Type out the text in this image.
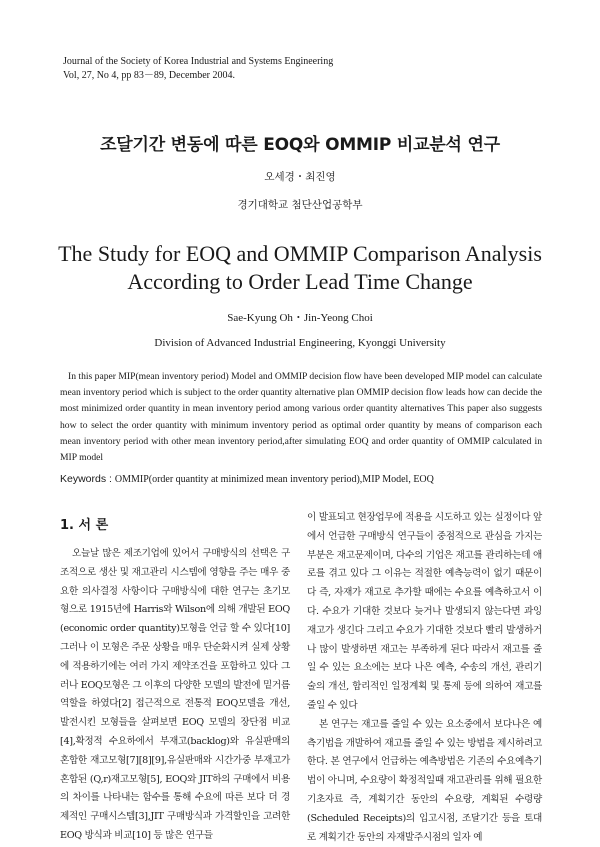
Journal of the Society of Korea Industrial and Systems Engineering
Vol, 27, No 4, pp 83－89, December 2004.
조달기간 변동에 따른 EOQ와 OMMIP 비교분석 연구
오세경・최진영
경기대학교 첨단산업공학부
The Study for EOQ and OMMIP Comparison Analysis
According to Order Lead Time Change
Sae-Kyung Oh・Jin-Yeong Choi
Division of Advanced Industrial Engineering, Kyonggi University

In this paper MIP(mean inventory period) Model and OMMIP decision flow have been developed MIP model can calculate mean inventory period which is subject to the order quantity alternative plan OMMIP decision flow leads how can decide the most minimized order quantity in mean inventory period among various order quantity alternatives This paper also suggests how to select the order quantity with minimum inventory period as optimal order quantity by means of comparison each mean inventory period with other mean inventory period,after simulating EOQ and order quantity of OMMIP calculated in MIP model

Keywords : OMMIP(order quantity at minimized mean inventory period),MIP Model, EOQ
1. 서 론

오늘날 많은 제조기업에 있어서 구매방식의 선택은 구조적으로 생산 및 재고관리 시스템에 영향을 주는 매우 중요한 의사결정 사항이다 구매방식에 대한 연구는 초기모형으로 1915년에 Harris와 Wilson에 의해 개발된 EOQ (economic order quantity)모형을 언급 할 수 있다[10] 그러나 이 모형은 주문 상황을 매우 단순화시켜 실제 상황에 적용하기에는 여러 가지 제약조건을 포함하고 있다 그러나 EOQ모형은 그 이후의 다양한 모델의 발전에 밑거름 역할을 하였다[2] 접근적으로 전통적 EOQ모델을 개선, 발전시킨 모형들을 살펴보면 EOQ 모델의 장단점 비교[4],확정적 수요하에서 부재고(backlog)와 유실판매의 혼합한 재고모형[7][8][9],유실판매와 시간가중 부재고가 혼합된 (Q,r)재고모형[5], EOQ와 JIT하의 구매에서 비용의 차이를 나타내는 함수를 통해 수요에 따른 보다 더 경제적인 구매시스템[3],JIT 구매방식과 가격할인을 고려한 EOQ 방식과 비교[10] 등 많은 연구들

이 발표되고 현장업무에 적용을 시도하고 있는 실정이다 앞에서 언급한 구매방식 연구들이 중점적으로 관심을 가지는 부분은 재고문제이며, 다수의 기업은 재고를 관리하는데 애로를 겪고 있다 그 이유는 적절한 예측능력이 없기 때문이다 즉, 자재가 재고로 추가할 때에는 수요를 예측하고서 이다. 수요가 기대한 것보다 늦거나 발생되지 않는다면 과잉재고가 생긴다 그리고 수요가 기대한 것보다 빨리 발생하거나 많이 발생하면 재고는 부족하게 된다 따라서 재고를 줄일 수 있는 요소에는 보다 나은 예측, 수송의 개선, 관리기술의 개선, 합리적인 일정계획 및 통제 등에 의하여 재고를 줄일 수 있다

본 연구는 재고를 줄일 수 있는 요소중에서 보다나은 예측기법을 개발하여 재고를 줄일 수 있는 방법을 제시하려고 한다. 본 연구에서 언급하는 예측방법은 기존의 수요예측기법이 아니며, 수요량이 확정적일때 재고관리를 위해 필요한 기초자료 즉, 계획기간 동안의 수요량, 계획된 수령량(Scheduled Receipts)의 입고시점, 조달기간 등을 토대로 계획기간 동안의 자재발주시점의 일자 예
